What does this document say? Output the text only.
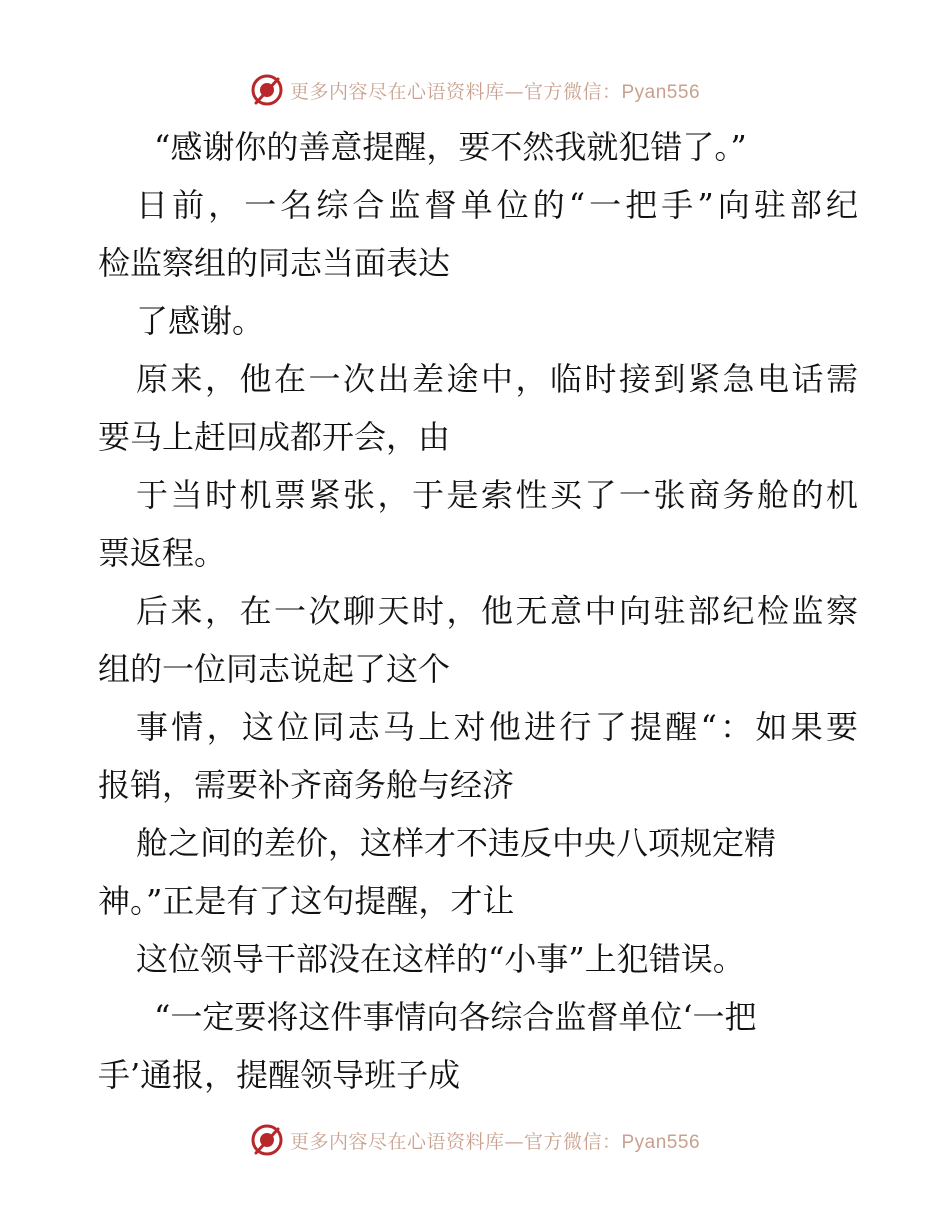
更多内容尽在心语资料库— 官方微信：Pyan556
“感谢你的善意提醒，要不然我就犯错了。”
日前，一名综合监督单位的“一把手”向驻部纪
检监察组的同志当面表达
了感谢。
原来，他在一次出差途中，临时接到紧急电话需
要马上赶回成都开会，由
于当时机票紧张，于是索性买了一张商务舱的机
票返程。
后来，在一次聊天时，他无意中向驻部纪检监察
组的一位同志说起了这个
事情，这位同志马上对他进行了提醒“：如果要
报销，需要补齐商务舱与经济
舱之间的差价，这样才不违反中央八项规定精
神。”正是有了这句提醒，才让
这位领导干部没在这样的“小事”上犯错误。
“一定要将这件事情向各综合监督单位‘一把
手’通报，提醒领导班子成
更多内容尽在心语资料库— 官方微信：Pyan556
